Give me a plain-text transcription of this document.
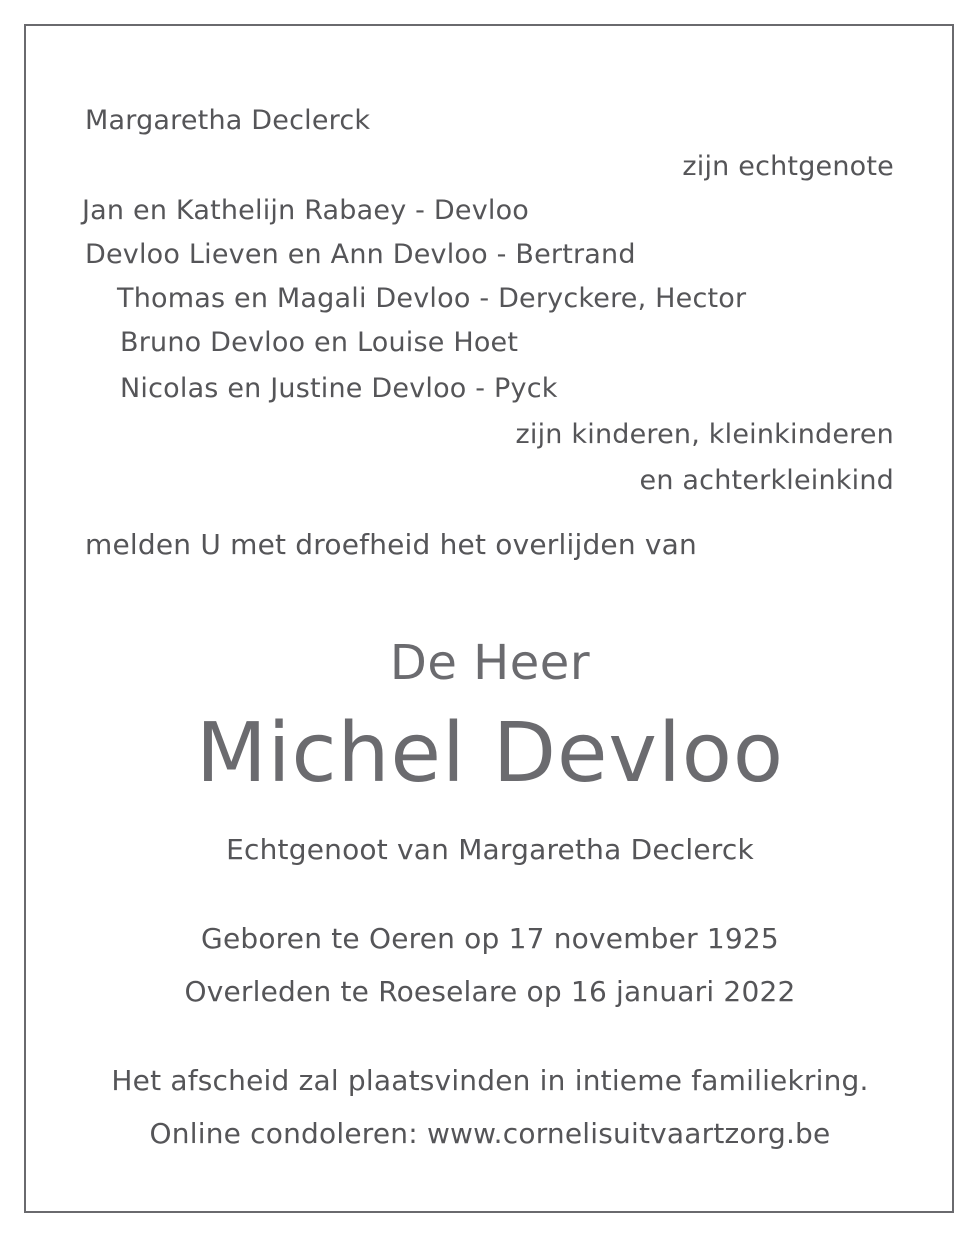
Margaretha Declerck
zijn echtgenote
Jan en Kathelijn Rabaey - Devloo
Devloo Lieven en Ann Devloo - Bertrand
Thomas en Magali Devloo - Deryckere, Hector
Bruno Devloo en Louise Hoet
Nicolas en Justine Devloo - Pyck
zijn kinderen, kleinkinderen
en achterkleinkind
melden U met droefheid het overlijden van
De Heer
Michel Devloo
Echtgenoot van Margaretha Declerck
Geboren te Oeren op 17 november 1925
Overleden te Roeselare op 16 januari 2022
Het afscheid zal plaatsvinden in intieme familiekring.
Online condoleren: www.cornelisuitvaartzorg.be
